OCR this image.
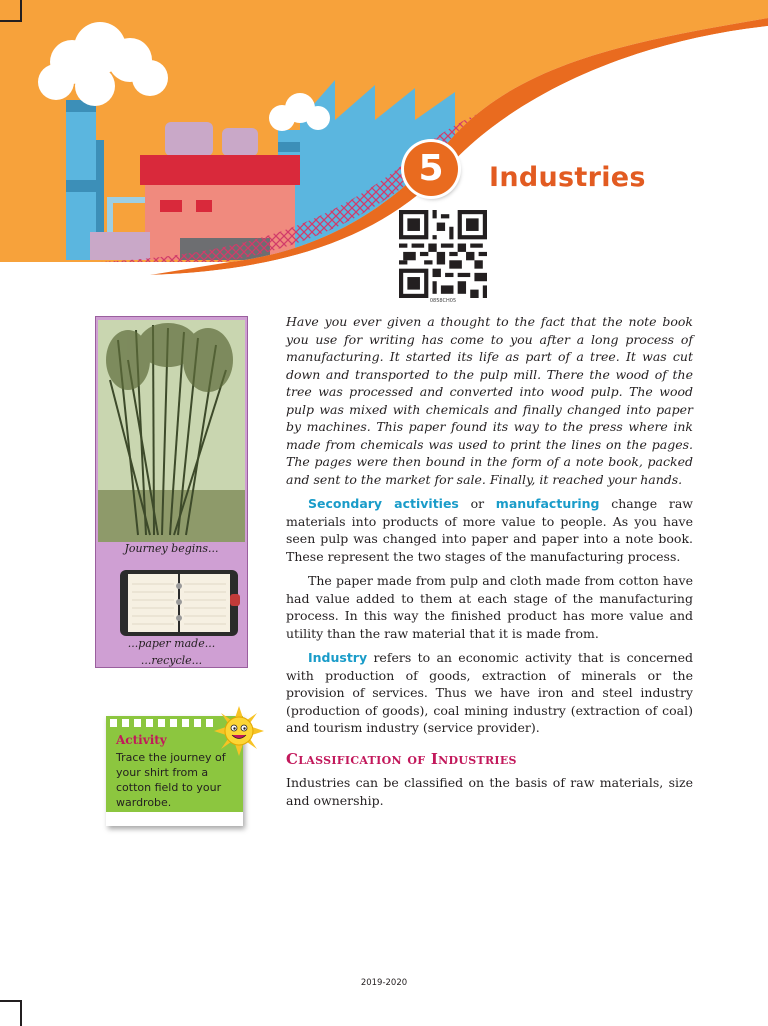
5	Industries
0858CH05
Journey begins...
...paper made...
...recycle...
Activity

Trace the journey of your shirt from a cotton field to your wardrobe.

Have you ever given a thought to the fact that the note book you use for writing has come to you after a long process of manufacturing. It started its life as part of a tree. It was cut down and transported to the pulp mill. There the wood of the tree was processed and converted into wood pulp. The wood pulp was mixed with chemicals and finally changed into paper by machines. This paper found its way to the press where ink made from chemicals was used to print the lines on the pages. The pages were then bound in the form of a note book, packed and sent to the market for sale. Finally, it reached your hands.

Secondary activities or manufacturing change raw materials into products of more value to people. As you have seen pulp was changed into paper and paper into a note book. These represent the two stages of the manufacturing process.

The paper made from pulp and cloth made from cotton have had value added to them at each stage of the manufacturing process. In this way the finished product has more value and utility than the raw material that it is made from.

Industry refers to an economic activity that is concerned with production of goods, extraction of minerals or the provision of services. Thus we have iron and steel industry (production of goods), coal mining industry (extraction of coal) and tourism industry (service provider).

Classification of Industries

Industries can be classified on the basis of raw materials, size and ownership.

2019-2020
